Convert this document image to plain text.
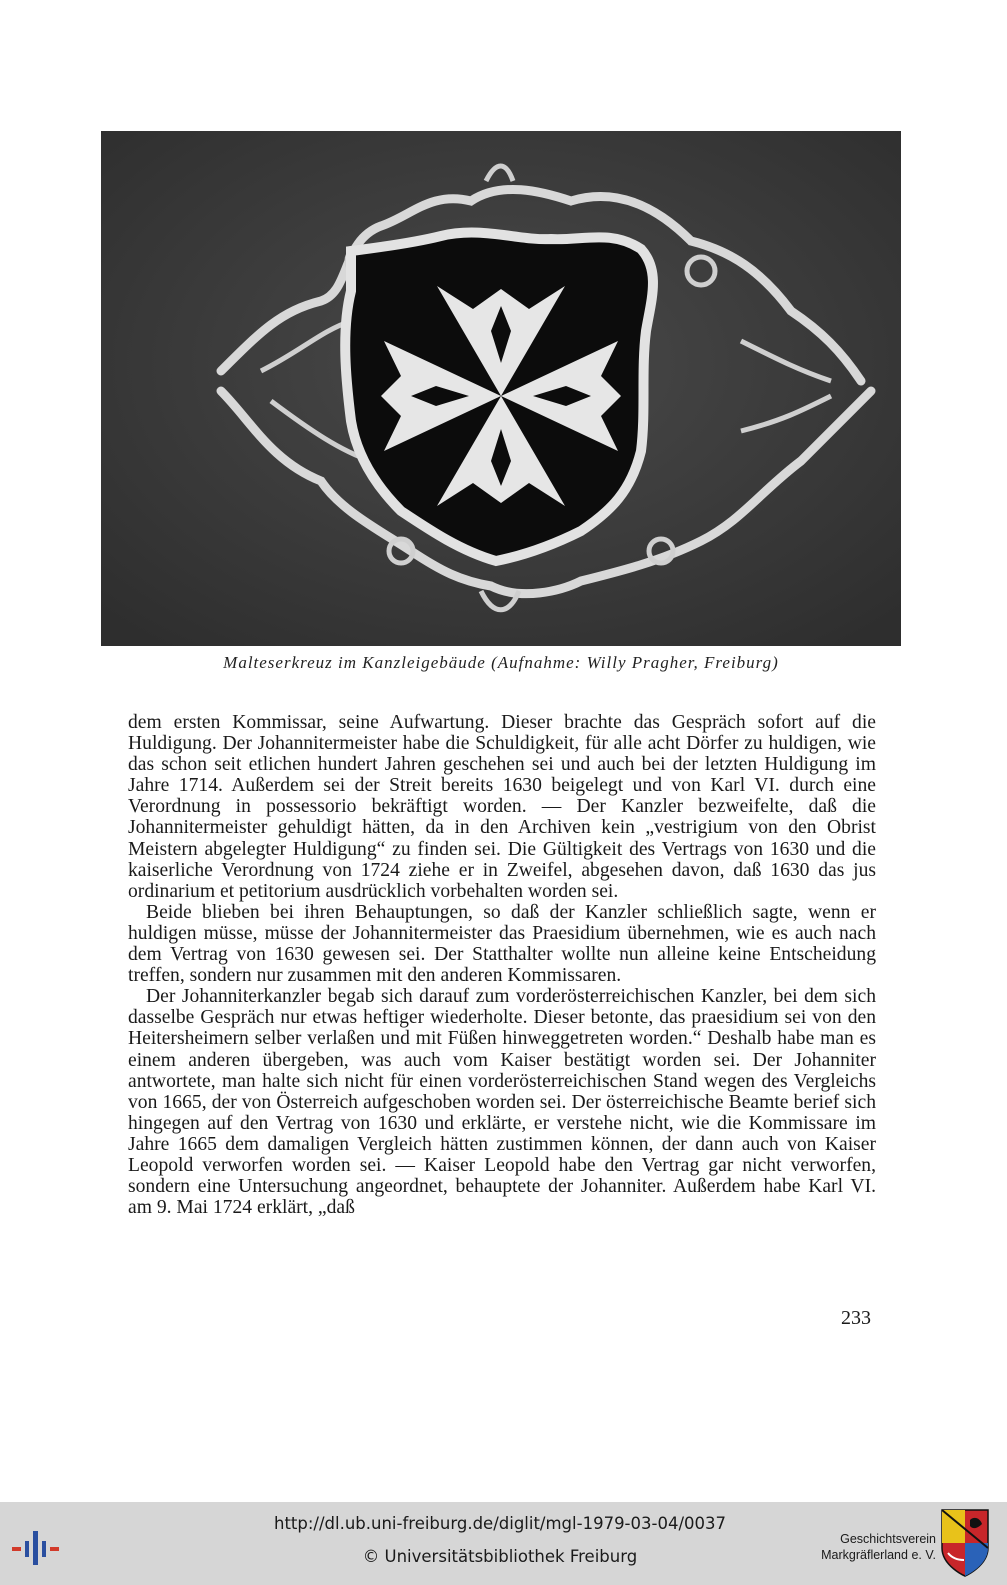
Malteserkreuz im Kanzleigebäude (Aufnahme: Willy Pragher, Freiburg)

dem ersten Kommissar, seine Aufwartung. Dieser brachte das Gespräch sofort auf die Huldigung. Der Johannitermeister habe die Schuldigkeit, für alle acht Dörfer zu huldigen, wie das schon seit etlichen hundert Jahren geschehen sei und auch bei der letzten Huldigung im Jahre 1714. Außerdem sei der Streit bereits 1630 beigelegt und von Karl VI. durch eine Verordnung in possessorio bekräftigt worden. — Der Kanzler bezweifelte, daß die Johannitermeister gehuldigt hätten, da in den Archiven kein „vestrigium von den Obrist Meistern abgelegter Huldigung“ zu finden sei. Die Gültigkeit des Vertrags von 1630 und die kaiserliche Verordnung von 1724 ziehe er in Zweifel, abgesehen davon, daß 1630 das jus ordinarium et petitorium ausdrücklich vorbehalten worden sei.

Beide blieben bei ihren Behauptungen, so daß der Kanzler schließlich sagte, wenn er huldigen müsse, müsse der Johannitermeister das Praesidium übernehmen, wie es auch nach dem Vertrag von 1630 gewesen sei. Der Statthalter wollte nun alleine keine Entscheidung treffen, sondern nur zusammen mit den anderen Kommissaren.

Der Johanniterkanzler begab sich darauf zum vorderösterreichischen Kanzler, bei dem sich dasselbe Gespräch nur etwas heftiger wiederholte. Dieser betonte, das praesidium sei von den Heitersheimern selber verlaßen und mit Füßen hinweggetreten worden.“ Deshalb habe man es einem anderen übergeben, was auch vom Kaiser bestätigt worden sei. Der Johanniter antwortete, man halte sich nicht für einen vorderösterreichischen Stand wegen des Vergleichs von 1665, der von Österreich aufgeschoben worden sei. Der österreichische Beamte berief sich hingegen auf den Vertrag von 1630 und erklärte, er verstehe nicht, wie die Kommissare im Jahre 1665 dem damaligen Vergleich hätten zustimmen können, der dann auch von Kaiser Leopold verworfen worden sei. — Kaiser Leopold habe den Vertrag gar nicht verworfen, sondern eine Untersuchung angeordnet, behauptete der Johanniter. Außerdem habe Karl VI. am 9. Mai 1724 erklärt, „daß

233
http://dl.ub.uni-freiburg.de/diglit/mgl-1979-03-04/0037
© Universitätsbibliothek Freiburg
Geschichtsverein
Markgräflerland e. V.
